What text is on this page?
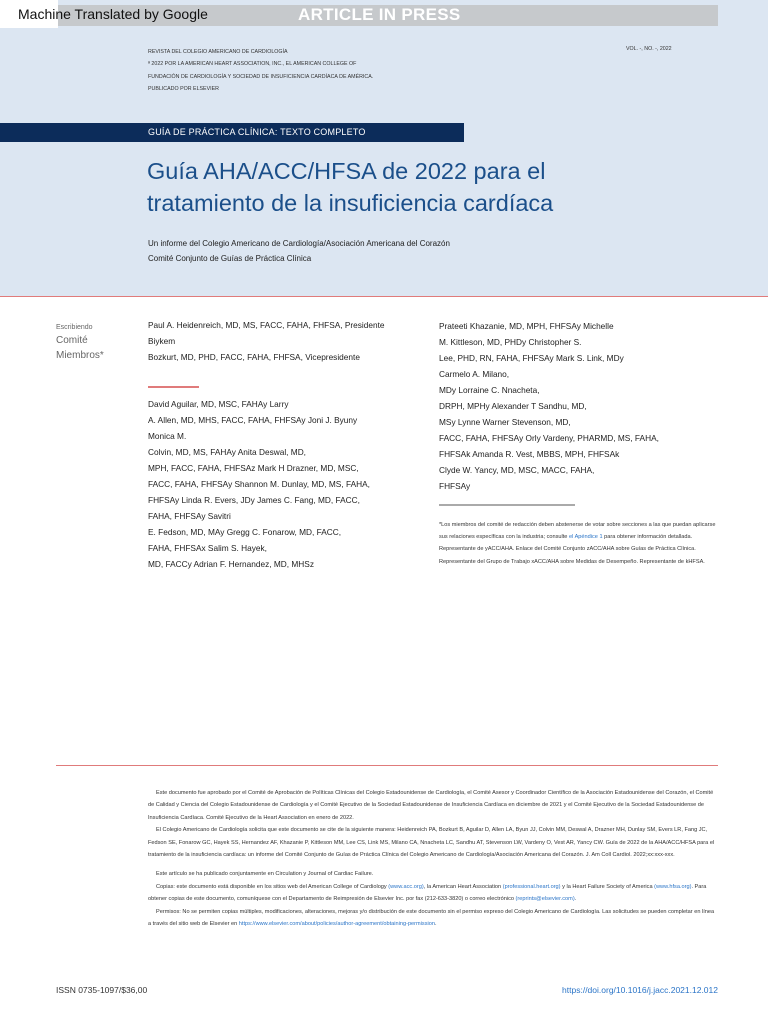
Machine Translated by Google	ARTICLE IN PRESS
REVISTA DEL COLEGIO AMERICANO DE CARDIOLOGÍA
ª 2022 POR LA AMERICAN HEART ASSOCIATION, INC., EL AMERICAN COLLEGE OF
FUNDACIÓN DE CARDIOLOGÍA Y SOCIEDAD DE INSUFICIENCIA CARDÍACA DE AMÉRICA.
PUBLICADO POR ELSEVIER
VOL. -, NO. -, 2022
GUÍA DE PRÁCTICA CLÍNICA: TEXTO COMPLETO
Guía AHA/ACC/HFSA de 2022 para el
tratamiento de la insuficiencia cardíaca
Un informe del Colegio Americano de Cardiología/Asociación Americana del Corazón
Comité Conjunto de Guías de Práctica Clínica
Escribiendo
Comité
Miembros*
Paul A. Heidenreich, MD, MS, FACC, FAHA, FHFSA, Presidente
Biykem
Bozkurt, MD, PHD, FACC, FAHA, FHFSA, Vicepresidente
David Aguilar, MD, MSC, FAHAy Larry
A. Allen, MD, MHS, FACC, FAHA, FHFSAy Joni J. Byuny
Monica M.
Colvin, MD, MS, FAHAy Anita Deswal, MD,
MPH, FACC, FAHA, FHFSAz Mark H Drazner, MD, MSC,
FACC, FAHA, FHFSAy Shannon M. Dunlay, MD, MS, FAHA,
FHFSAy Linda R. Evers, JDy James C. Fang, MD, FACC,
FAHA, FHFSAy Savitri
E. Fedson, MD, MAy Gregg C. Fonarow, MD, FACC,
FAHA, FHFSAx Salim S. Hayek,
MD, FACCy Adrian F. Hernandez, MD, MHSz
Prateeti Khazanie, MD, MPH, FHFSAy Michelle
M. Kittleson, MD, PHDy Christopher S.
Lee, PHD, RN, FAHA, FHFSAy Mark S. Link, MDy
Carmelo A. Milano,
MDy Lorraine C. Nnacheta,
DRPH, MPHy Alexander T Sandhu, MD,
MSy Lynne Warner Stevenson, MD,
FACC, FAHA, FHFSAy Orly Vardeny, PHARMD, MS, FAHA,
FHFSAk Amanda R. Vest, MBBS, MPH, FHFSAk
Clyde W. Yancy, MD, MSC, MACC, FAHA,
FHFSAy
*Los miembros del comité de redacción deben abstenerse de votar sobre secciones a las que puedan aplicarse sus relaciones específicas con la industria; consulte el Apéndice 1 para obtener información detallada. Representante de yACC/AHA. Enlace del Comité Conjunto zACC/AHA sobre Guías de Práctica Clínica. Representante del Grupo de Trabajo xACC/AHA sobre Medidas de Desempeño. Representante de kHFSA.

Este documento fue aprobado por el Comité de Aprobación de Políticas Clínicas del Colegio Estadounidense de Cardiología, el Comité Asesor y Coordinador Científico de la Asociación Estadounidense del Corazón, el Comité de Calidad y Ciencia del Colegio Estadounidense de Cardiología y el Comité Ejecutivo de la Sociedad Estadounidense de Insuficiencia Cardíaca en diciembre de 2021 y el Comité Ejecutivo de la Sociedad Estadounidense de Insuficiencia Cardíaca. Comité Ejecutivo de la Heart Association en enero de 2022.

El Colegio Americano de Cardiología solicita que este documento se cite de la siguiente manera: Heidenreich PA, Bozkurt B, Aguilar D, Allen LA, Byun JJ, Colvin MM, Deswal A, Drazner MH, Dunlay SM, Evers LR, Fang JC, Fedson SE, Fonarow GC, Hayek SS, Hernandez AF, Khazanie P, Kittleson MM, Lee CS, Link MS, Milano CA, Nnacheta LC, Sandhu AT, Stevenson LW, Vardeny O, Vest AR, Yancy CW. Guía de 2022 de la AHA/ACC/HFSA para el tratamiento de la insuficiencia cardíaca: un informe del Comité Conjunto de Guías de Práctica Clínica del Colegio Americano de Cardiología/Asociación Americana del Corazón. J. Am Coll Cardiol. 2022;xx:xxx-xxx.

Este artículo se ha publicado conjuntamente en Circulation y Journal of Cardiac Failure.

Copias: este documento está disponible en los sitios web del American College of Cardiology (www.acc.org), la American Heart Association (professional.heart.org) y la Heart Failure Society of America (www.hfsa.org). Para obtener copias de este documento, comuníquese con el Departamento de Reimpresión de Elsevier Inc. por fax (212-633-3820) o correo electrónico (reprints@elsevier.com).

Permisos: No se permiten copias múltiples, modificaciones, alteraciones, mejoras y/o distribución de este documento sin el permiso expreso del Colegio Americano de Cardiología. Las solicitudes se pueden completar en línea a través del sitio web de Elsevier en https://www.elsevier.com/about/policies/author-agreement/obtaining-permission.

ISSN 0735-1097/$36,00	https://doi.org/10.1016/j.jacc.2021.12.012
